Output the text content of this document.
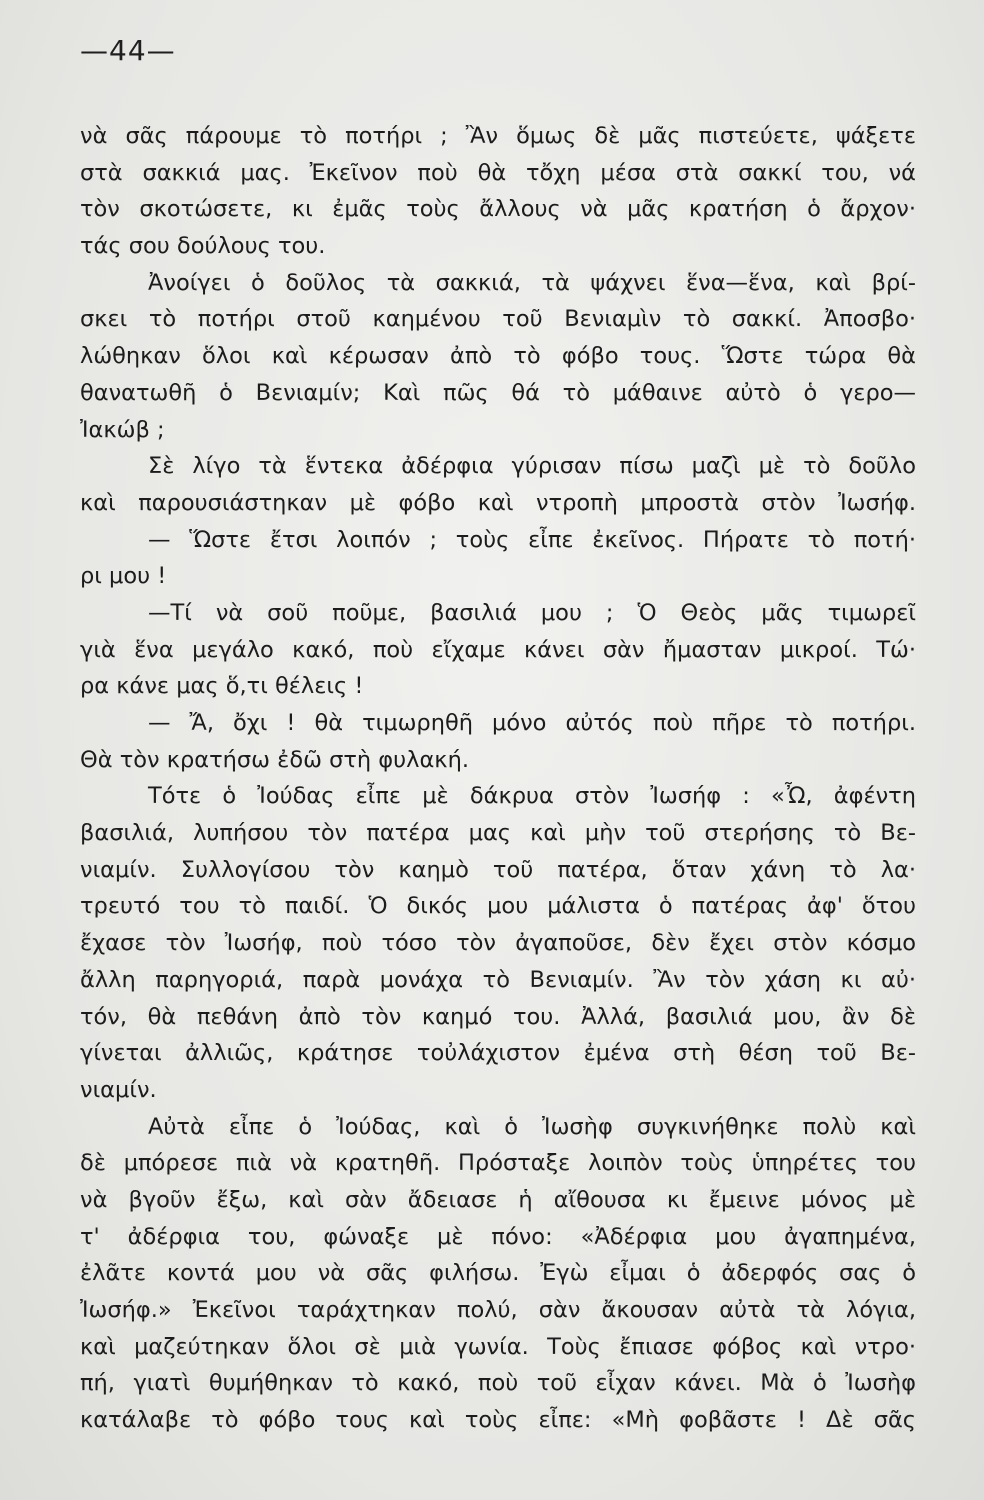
—44—
νὰ σᾶς πάρουμε τὸ ποτήρι ; Ἂν ὅμως δὲ μᾶς πιστεύετε, ψάξετε
στὰ σακκιά μας. Ἐκεῖνον ποὺ θὰ τὄχη μέσα στὰ σακκί του, νά
τὸν σκοτώσετε, κι ἐμᾶς τοὺς ἄλλους νὰ μᾶς κρατήση ὁ ἄρχον·
τάς σου δούλους του.
Ἀνοίγει ὁ δοῦλος τὰ σακκιά, τὰ ψάχνει ἕνα—ἕνα, καὶ βρί-
σκει τὸ ποτήρι στοῦ καημένου τοῦ Βενιαμὶν τὸ σακκί. Ἀποσβο·
λώθηκαν ὅλοι καὶ κέρωσαν ἀπὸ τὸ φόβο τους. Ὥστε τώρα θὰ
θανατωθῆ ὁ Βενιαμίν; Καὶ πῶς θά τὸ μάθαινε αὐτὸ ὁ γερο—
Ἰακώβ ;
Σὲ λίγο τὰ ἕντεκα ἀδέρφια γύρισαν πίσω μαζὶ μὲ τὸ δοῦλο
καὶ παρουσιάστηκαν μὲ φόβο καὶ ντροπὴ μπροστὰ στὸν Ἰωσήφ.
— Ὥστε ἔτσι λοιπόν ; τοὺς εἶπε ἐκεῖνος. Πήρατε τὸ ποτή·
ρι μου !
—Τί νὰ σοῦ ποῦμε, βασιλιά μου ; Ὁ Θεὸς μᾶς τιμωρεῖ
γιὰ ἕνα μεγάλο κακό, ποὺ εἴχαμε κάνει σὰν ἤμασταν μικροί. Τώ·
ρα κάνε μας ὅ,τι θέλεις !
— Ἄ, ὄχι ! θὰ τιμωρηθῆ μόνο αὐτός ποὺ πῆρε τὸ ποτήρι.
Θὰ τὸν κρατήσω ἐδῶ στὴ φυλακή.
Τότε ὁ Ἰούδας εἶπε μὲ δάκρυα στὸν Ἰωσήφ : «Ὦ, ἀφέντη
βασιλιά, λυπήσου τὸν πατέρα μας καὶ μὴν τοῦ στερήσης τὸ Βε-
νιαμίν. Συλλογίσου τὸν καημὸ τοῦ πατέρα, ὅταν χάνη τὸ λα·
τρευτό του τὸ παιδί. Ὁ δικός μου μάλιστα ὁ πατέρας ἀφ' ὅτου
ἔχασε τὸν Ἰωσήφ, ποὺ τόσο τὸν ἀγαποῦσε, δὲν ἔχει στὸν κόσμο
ἄλλη παρηγοριά, παρὰ μονάχα τὸ Βενιαμίν. Ἂν τὸν χάση κι αὐ·
τόν, θὰ πεθάνη ἀπὸ τὸν καημό του. Ἀλλά, βασιλιά μου, ἂν δὲ
γίνεται ἀλλιῶς, κράτησε τοὐλάχιστον ἐμένα στὴ θέση τοῦ Βε-
νιαμίν.
Αὐτὰ εἶπε ὁ Ἰούδας, καὶ ὁ Ἰωσὴφ συγκινήθηκε πολὺ καὶ
δὲ μπόρεσε πιὰ νὰ κρατηθῆ. Πρόσταξε λοιπὸν τοὺς ὑπηρέτες του
νὰ βγοῦν ἔξω, καὶ σὰν ἄδειασε ἡ αἴθουσα κι ἔμεινε μόνος μὲ
τ' ἀδέρφια του, φώναξε μὲ πόνο: «Ἀδέρφια μου ἀγαπημένα,
ἐλᾶτε κοντά μου νὰ σᾶς φιλήσω. Ἐγὼ εἶμαι ὁ ἀδερφός σας ὁ
Ἰωσήφ.» Ἐκεῖνοι ταράχτηκαν πολύ, σὰν ἄκουσαν αὐτὰ τὰ λόγια,
καὶ μαζεύτηκαν ὅλοι σὲ μιὰ γωνία. Τοὺς ἔπιασε φόβος καὶ ντρο·
πή, γιατὶ θυμήθηκαν τὸ κακό, ποὺ τοῦ εἶχαν κάνει. Μὰ ὁ Ἰωσὴφ
κατάλαβε τὸ φόβο τους καὶ τοὺς εἶπε: «Μὴ φοβᾶστε ! Δὲ σᾶς
